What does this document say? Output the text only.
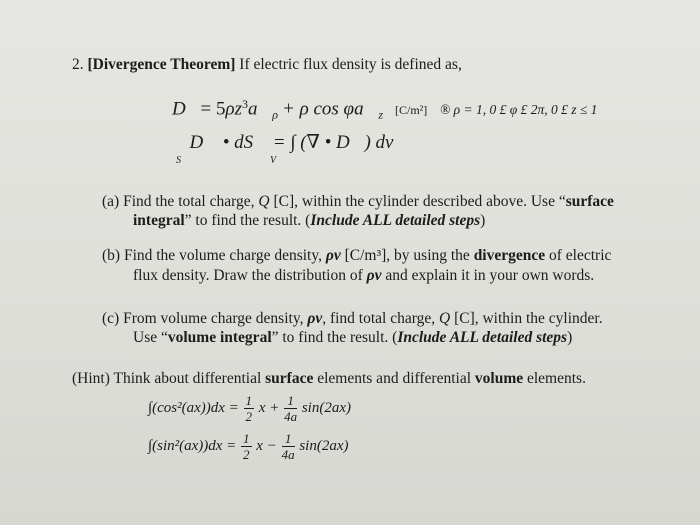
2. [Divergence Theorem] If electric flux density is defined as,
D⃗= $5\rho z^3a⃗_\rho + \rho$ $\cos \varphi a⃗_z$ [C/m²] ® ρ = 1, 0 £ φ £ 2π, 0 £ z ≤ 1
∮ D⃗ • dS⃗ = ∫ (∇ • D⃗) dv
S	V
(a) Find the total charge, Q [C], within the cylinder described above. Use “surface
integral” to find the result. (Include ALL detailed steps)
(b) Find the volume charge density, ρv [C/m³], by using the divergence of electric
flux density. Draw the distribution of ρv and explain it in your own words.
(c) From volume charge density, ρv, find total charge, Q [C], within the cylinder.
Use “volume integral” to find the result. (Include ALL detailed steps)
(Hint) Think about differential surface elements and differential volume elements.
$\int(\cos^2(ax))dx = \frac{1}{2}$ $x + \frac{1}{4a} \sin(2ax)$
$\int(\sin^2(ax))dx = \frac{1}{2}$ $x - \frac{1}{4a} \sin(2ax)$
